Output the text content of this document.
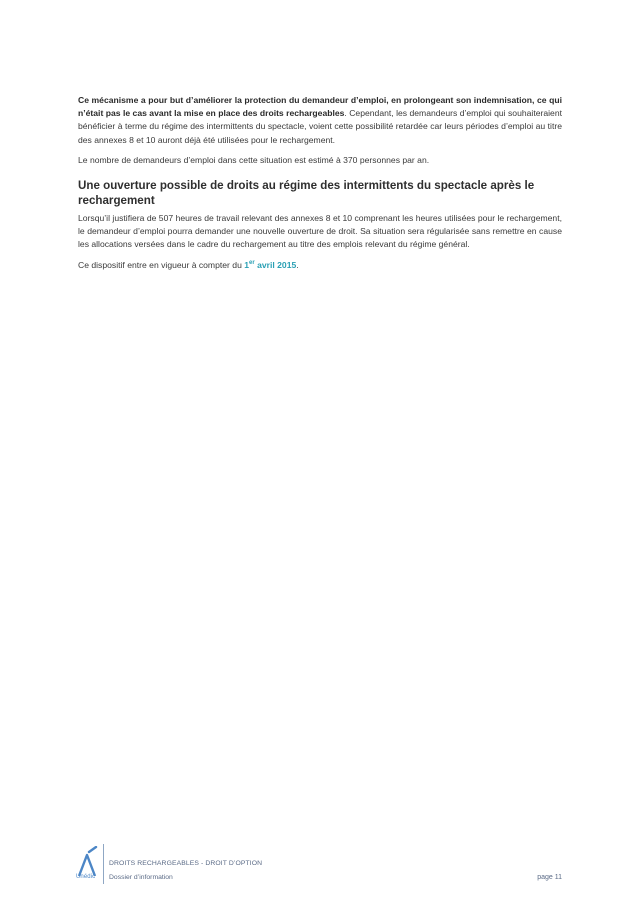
Ce mécanisme a pour but d’améliorer la protection du demandeur d’emploi, en prolongeant son indemnisation, ce qui n’était pas le cas avant la mise en place des droits rechargeables. Cependant, les demandeurs d’emploi qui souhaiteraient bénéficier à terme du régime des intermittents du spectacle, voient cette possibilité retardée car leurs périodes d’emploi au titre des annexes 8 et 10 auront déjà été utilisées pour le rechargement.

Le nombre de demandeurs d’emploi dans cette situation est estimé à 370 personnes par an.

Une ouverture possible de droits au régime des intermittents du spectacle après le rechargement

Lorsqu’il justifiera de 507 heures de travail relevant des annexes 8 et 10 comprenant les heures utilisées pour le rechargement, le demandeur d’emploi pourra demander une nouvelle ouverture de droit. Sa situation sera régularisée sans remettre en cause les allocations versées dans le cadre du rechargement au titre des emplois relevant du régime général.

Ce dispositif entre en vigueur à compter du 1er avril 2015.

Unédic
DROITS RECHARGEABLES - DROIT D’OPTION
Dossier d’information	page 11
